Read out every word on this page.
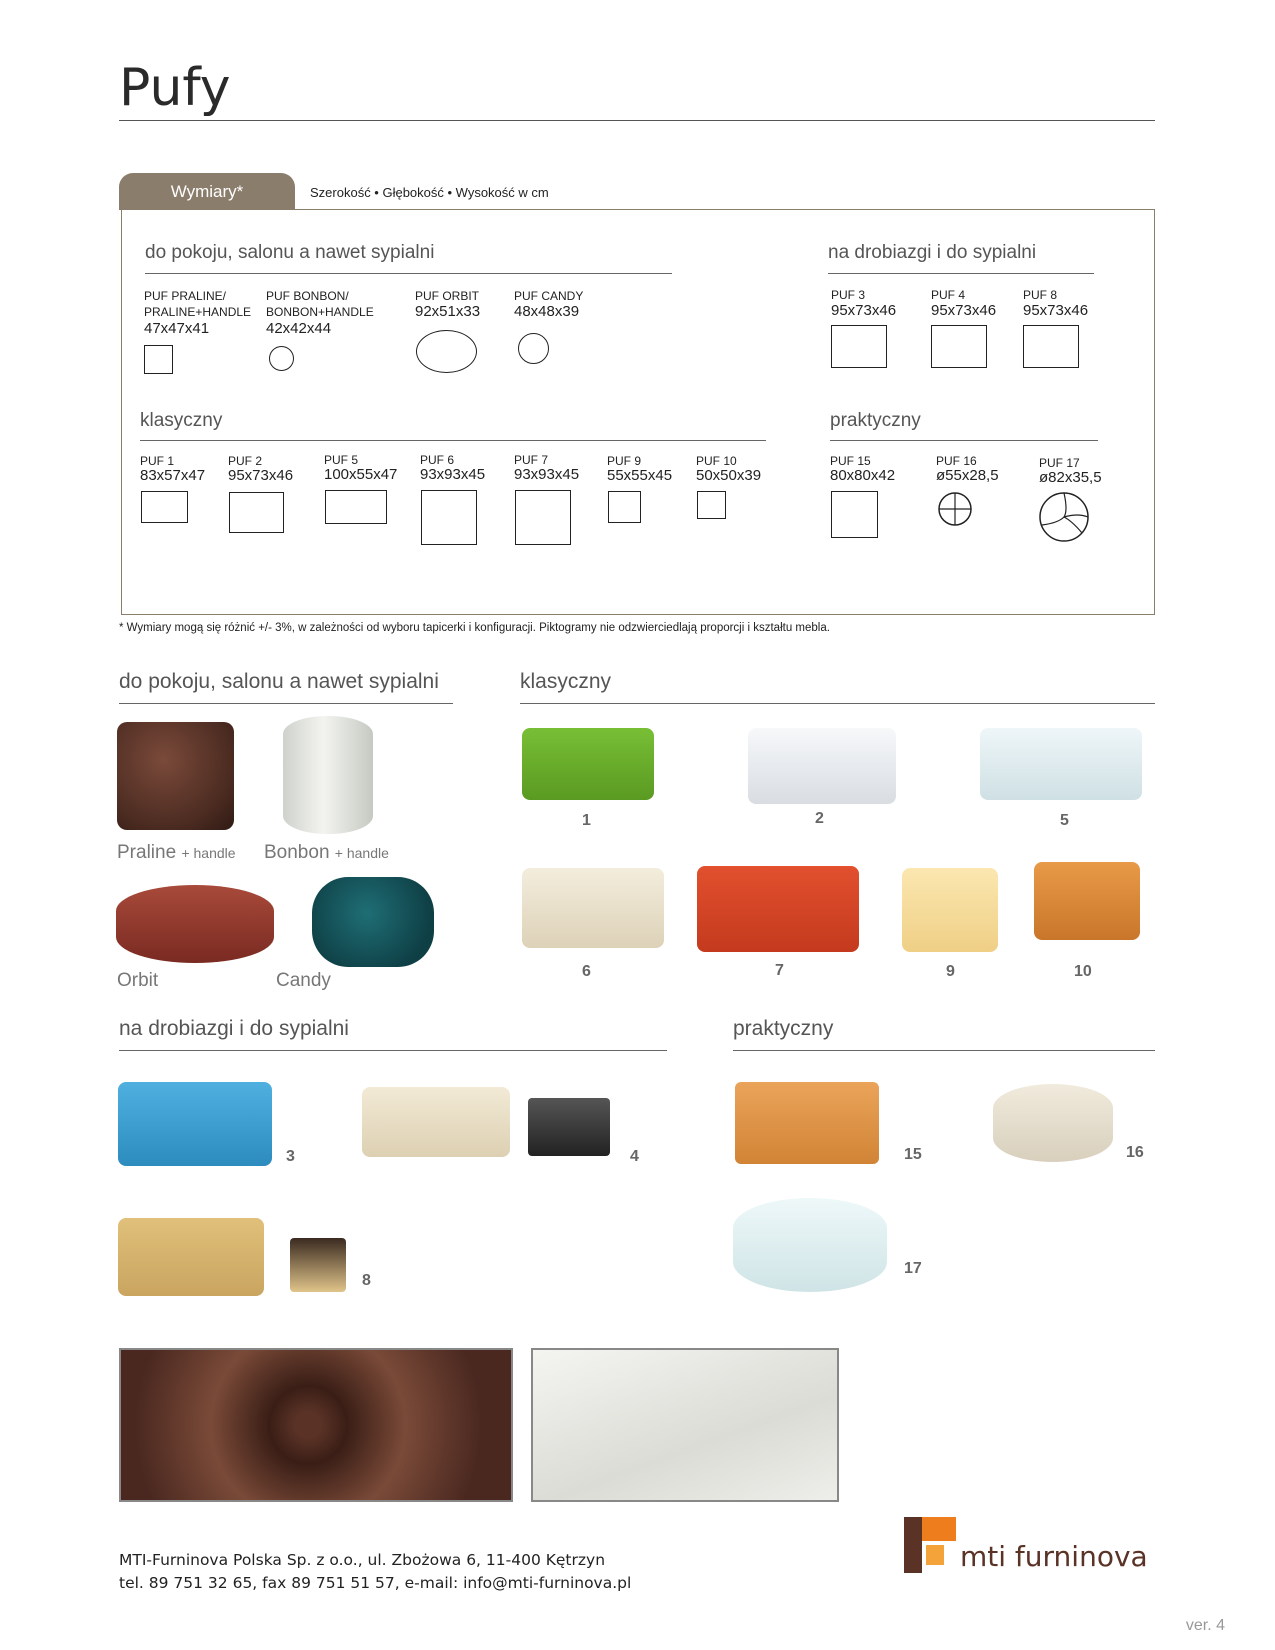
Pufy
Wymiary*	Szerokość • Głębokość • Wysokość w cm
do pokoju, salonu a nawet sypialni	na drobiazgi i do sypialni
PUF PRALINE/
PRALINE+HANDLE
47x47x41
PUF BONBON/
BONBON+HANDLE
42x42x44
PUF ORBIT
92x51x33
PUF CANDY
48x48x39
PUF 3
95x73x46
PUF 4
95x73x46
PUF 8
95x73x46
klasyczny	praktyczny
PUF 1
83x57x47
PUF 2
95x73x46
PUF 5
100x55x47
PUF 6
93x93x45
PUF 7
93x93x45
PUF 9
55x55x45
PUF 10
50x50x39
PUF 15
80x80x42
PUF 16
ø55x28,5
PUF 17
ø82x35,5
* Wymiary mogą się różnić +/- 3%, w zależności od wyboru tapicerki i konfiguracji. Piktogramy nie odzwierciedlają proporcji i kształtu mebla.
do pokoju, salonu a nawet sypialni	klasyczny
Praline + handle Bonbon + handle
Orbit	Candy
1	2	5
6	7	9	10
na drobiazgi i do sypialni	praktyczny
3	4
8
15	16
17
MTI-Furninova Polska Sp. z o.o., ul. Zbożowa 6, 11-400 Kętrzyn
tel. 89 751 32 65, fax 89 751 51 57, e-mail: info@mti-furninova.pl
mti furninova
ver. 4
